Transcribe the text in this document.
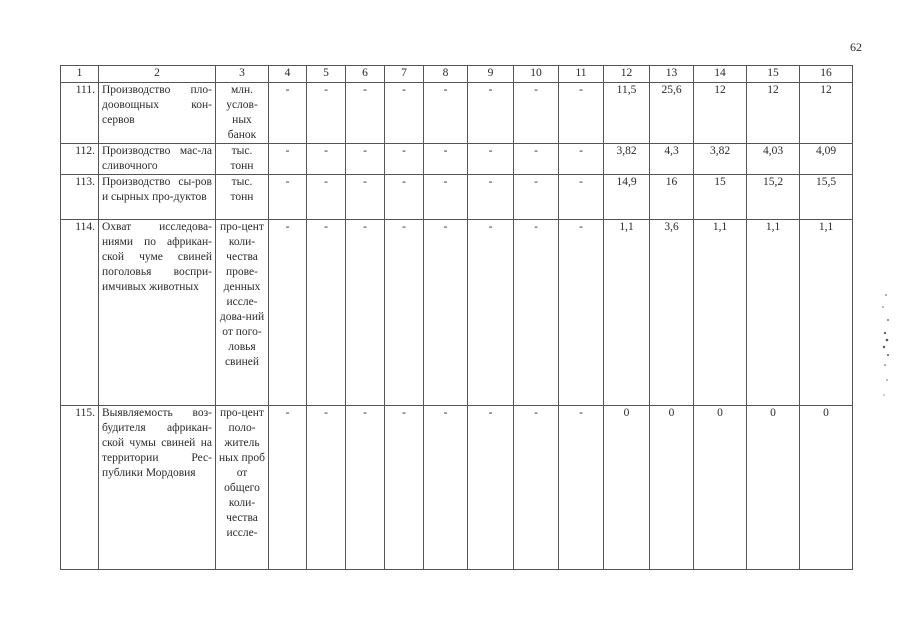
62
1	2	3	4	5	6	7	8	9	10	11	12	13	14	15	16
111.	Производство пло-доовощных кон-сервов	млн. услов-ных банок	-	-	-	-	-	-	-	-	11,5	25,6	12	12	12
112.	Производство мас-ла сливочного	тыс. тонн	-	-	-	-	-	-	-	-	3,82	4,3	3,82	4,03	4,09
113.	Производство сы-ров и сырных про-дуктов	тыс. тонн	-	-	-	-	-	-	-	-	14,9	16	15	15,2	15,5
114.	Охват исследова-ниями по африкан-ской чуме свиней поголовья воспри-имчивых животных	про-цент коли-чества прове-денных иссле-дова-ний от пого-ловья свиней	-	-	-	-	-	-	-	-	1,1	3,6	1,1	1,1	1,1
115.	Выявляемость воз-будителя африкан-ской чумы свиней на территории Рес-публики Мордовия	про-цент поло-житель ных проб от общего коли-чества иссле-	-	-	-	-	-	-	-	-	0	0	0	0	0
